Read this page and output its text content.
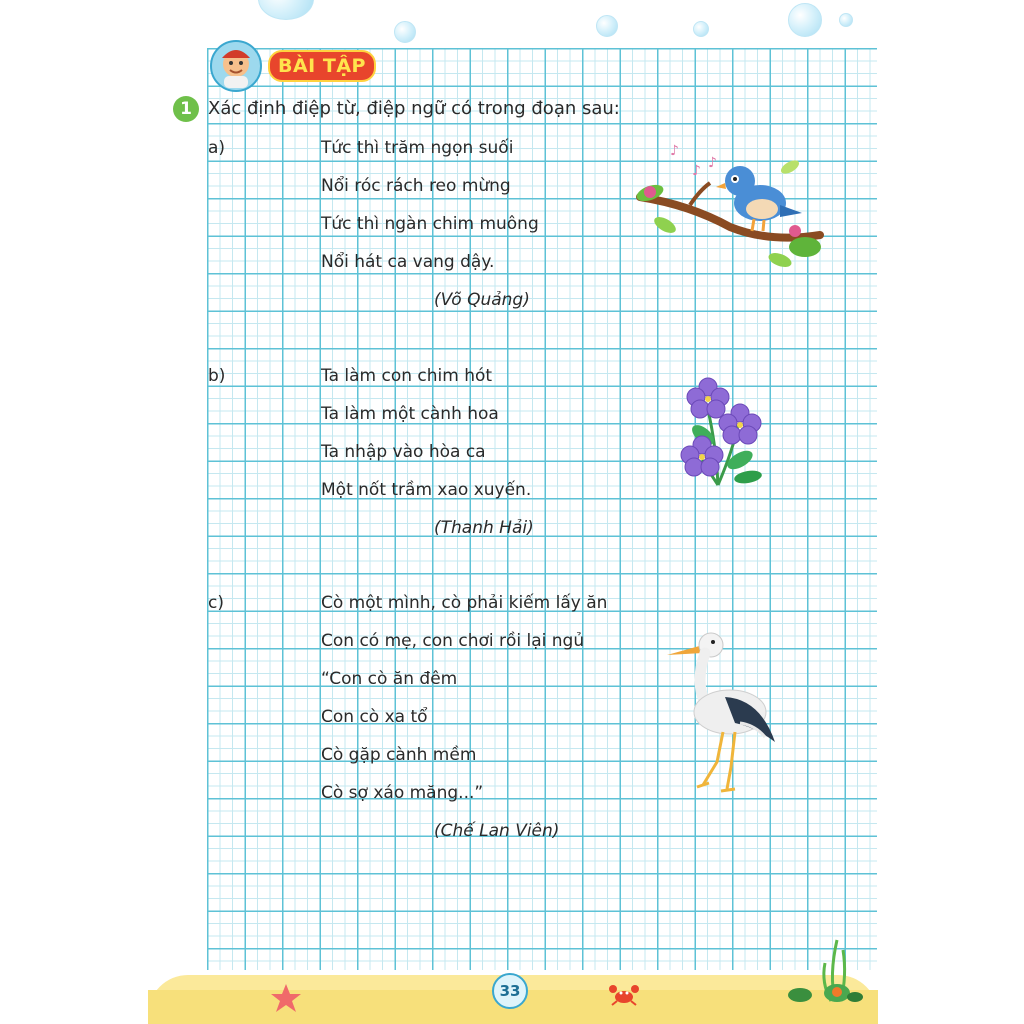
BÀI TẬP
1 Xác định điệp từ, điệp ngữ có trong đoạn sau:
a)	Tức thì trăm ngọn suối
Nổi róc rách reo mừng
Tức thì ngàn chim muông
Nổi hát ca vang dậy.
(Võ Quảng)
b)	Ta làm con chim hót
Ta làm một cành hoa
Ta nhập vào hòa ca
Một nốt trầm xao xuyến.
(Thanh Hải)
c)	Cò một mình, cò phải kiếm lấy ăn
Con có mẹ, con chơi rồi lại ngủ
“Con cò ăn đêm
Con cò xa tổ
Cò gặp cành mềm
Cò sợ xáo măng...”
(Chế Lan Viên)
♪
♪ ♪
33
